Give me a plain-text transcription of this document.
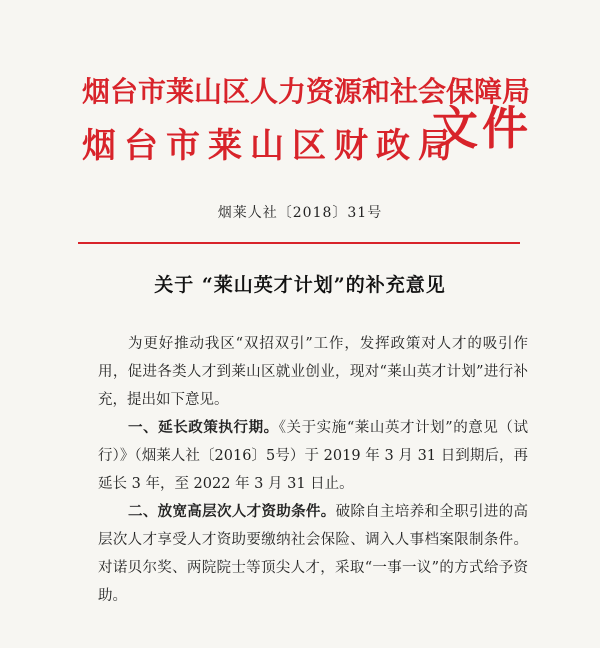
烟台市莱山区人力资源和社会保障局
烟台市莱山区财政局
文件
烟莱人社〔2018〕31号
关于 “莱山英才计划”的补充意见

为更好推动我区“双招双引”工作，发挥政策对人才的吸引作用，促进各类人才到莱山区就业创业，现对“莱山英才计划”进行补充，提出如下意见。

一、延长政策执行期。《关于实施“莱山英才计划”的意见（试行）》（烟莱人社〔2016〕5号）于 2019 年 3 月 31 日到期后，再延长 3 年，至 2022 年 3 月 31 日止。

二、放宽高层次人才资助条件。破除自主培养和全职引进的高层次人才享受人才资助要缴纳社会保险、调入人事档案限制条件。对诺贝尔奖、两院院士等顶尖人才，采取“一事一议”的方式给予资助。
